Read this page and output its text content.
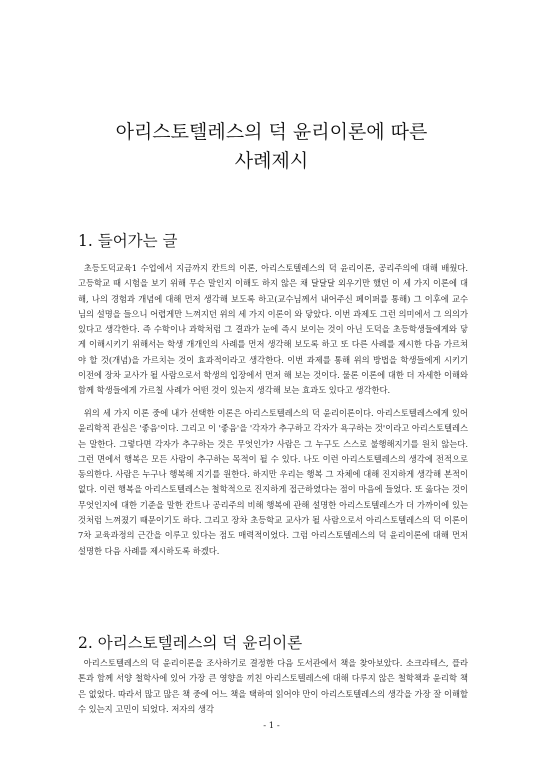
아리스토텔레스의 덕 윤리이론에 따른
사례제시
1. 들어가는 글

초등도덕교육1 수업에서 지금까지 칸트의 이론, 아리스토텔레스의 덕 윤리이론, 공리주의에 대해 배웠다. 고등학교 때 시험을 보기 위해 무슨 말인지 이해도 하지 않은 채 달달달 외우기만 했던 이 세 가지 이론에 대해, 나의 경험과 개념에 대해 먼저 생각해 보도록 하고(교수님께서 내어주신 페이퍼를 통해) 그 이후에 교수님의 설명을 들으니 어렵게만 느껴지던 위의 세 가지 이론이 와 닿았다. 이번 과제도 그런 의미에서 그 의의가 있다고 생각한다. 즉 수학이나 과학처럼 그 결과가 눈에 즉시 보이는 것이 아닌 도덕을 초등학생들에게와 닿게 이해시키기 위해서는 학생 개개인의 사례를 먼저 생각해 보도록 하고 또 다른 사례를 제시한 다음 가르쳐야 할 것(개념)을 가르치는 것이 효과적이라고 생각한다. 이번 과제를 통해 위의 방법을 학생들에게 시키기 이전에 장차 교사가 될 사람으로서 학생의 입장에서 먼저 해 보는 것이다. 물론 이론에 대한 더 자세한 이해와 함께 학생들에게 가르칠 사례가 어떤 것이 있는지 생각해 보는 효과도 있다고 생각한다.

위의 세 가지 이론 중에 내가 선택한 이론은 아리스토텔레스의 덕 윤리이론이다. 아리스토텔레스에게 있어 윤리학적 관심은 '좋음'이다. 그리고 이 '좋음'을 '각자가 추구하고 각자가 욕구하는 것'이라고 아리스토텔레스는 말한다. 그렇다면 각자가 추구하는 것은 무엇인가? 사람은 그 누구도 스스로 불행해지기를 원치 않는다. 그런 면에서 행복은 모든 사람이 추구하는 목적이 될 수 있다. 나도 이런 아리스토텔레스의 생각에 전적으로 동의한다. 사람은 누구나 행복해 지기를 원한다. 하지만 우리는 행복 그 자체에 대해 진지하게 생각해 본적이 없다. 이런 행복을 아리스토텔레스는 철학적으로 진지하게 접근하였다는 점이 마음에 들었다. 또 옳다는 것이 무엇인지에 대한 기준을 말한 칸트나 공리주의 비해 행복에 관해 설명한 아리스토텔레스가 더 가까이에 있는 것처럼 느껴졌기 때문이기도 하다. 그리고 장차 초등학교 교사가 될 사람으로서 아리스토텔레스의 덕 이론이 7차 교육과정의 근간을 이루고 있다는 점도 매력적이었다. 그럼 아리스토텔레스의 덕 윤리이론에 대해 먼저 설명한 다음 사례를 제시하도록 하겠다.

2. 아리스토텔레스의 덕 윤리이론

아리스토텔레스의 덕 윤리이론을 조사하기로 결정한 다음 도서관에서 책을 찾아보았다. 소크라테스, 플라톤과 함께 서양 철학사에 있어 가장 큰 영향을 끼친 아리스토텔레스에 대해 다루지 않은 철학책과 윤리학 책은 없었다. 따라서 많고 많은 책 중에 어느 책을 택하여 읽어야 만이 아리스토텔레스의 생각을 가장 잘 이해할 수 있는지 고민이 되었다. 저자의 생각

- 1 -
